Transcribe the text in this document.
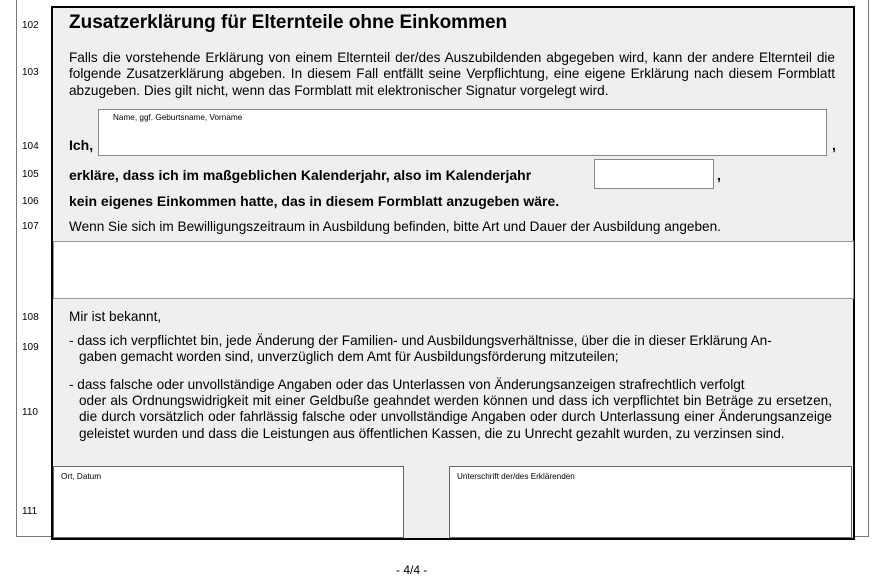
102
103
104
105
106
107
108
109
110
111
Zusatzerklärung für Elternteile ohne Einkommen
Falls die vorstehende Erklärung von einem Elternteil der/des Auszubildenden abgegeben wird, kann der andere Elternteil die folgende Zusatzerklärung abgeben. In diesem Fall entfällt seine Verpflichtung, eine eigene Erklärung nach diesem Formblatt abzugeben. Dies gilt nicht, wenn das Formblatt mit elektronischer Signatur vorgelegt wird.
Ich,
Name, ggf. Geburtsname, Vorname
,
erkläre, dass ich im maßgeblichen Kalenderjahr, also im Kalenderjahr	,
kein eigenes Einkommen hatte, das in diesem Formblatt anzugeben wäre.
Wenn Sie sich im Bewilligungszeitraum in Ausbildung befinden, bitte Art und Dauer der Ausbildung angeben.
Mir ist bekannt,
- dass ich verpflichtet bin, jede Änderung der Familien- und Ausbildungsverhältnisse, über die in dieser Erklärung An-
gaben gemacht worden sind, unverzüglich dem Amt für Ausbildungsförderung mitzuteilen;
- dass falsche oder unvollständige Angaben oder das Unterlassen von Änderungsanzeigen strafrechtlich verfolgt
oder als Ordnungswidrigkeit mit einer Geldbuße geahndet werden können und dass ich verpflichtet bin Beträge zu ersetzen, die durch vorsätzlich oder fahrlässig falsche oder unvollständige Angaben oder durch Unterlassung einer Änderungsanzeige geleistet wurden und dass die Leistungen aus öffentlichen Kassen, die zu Unrecht gezahlt wurden, zu verzinsen sind.
Ort, Datum	Unterschrift der/des Erklärenden
- 4/4 -
